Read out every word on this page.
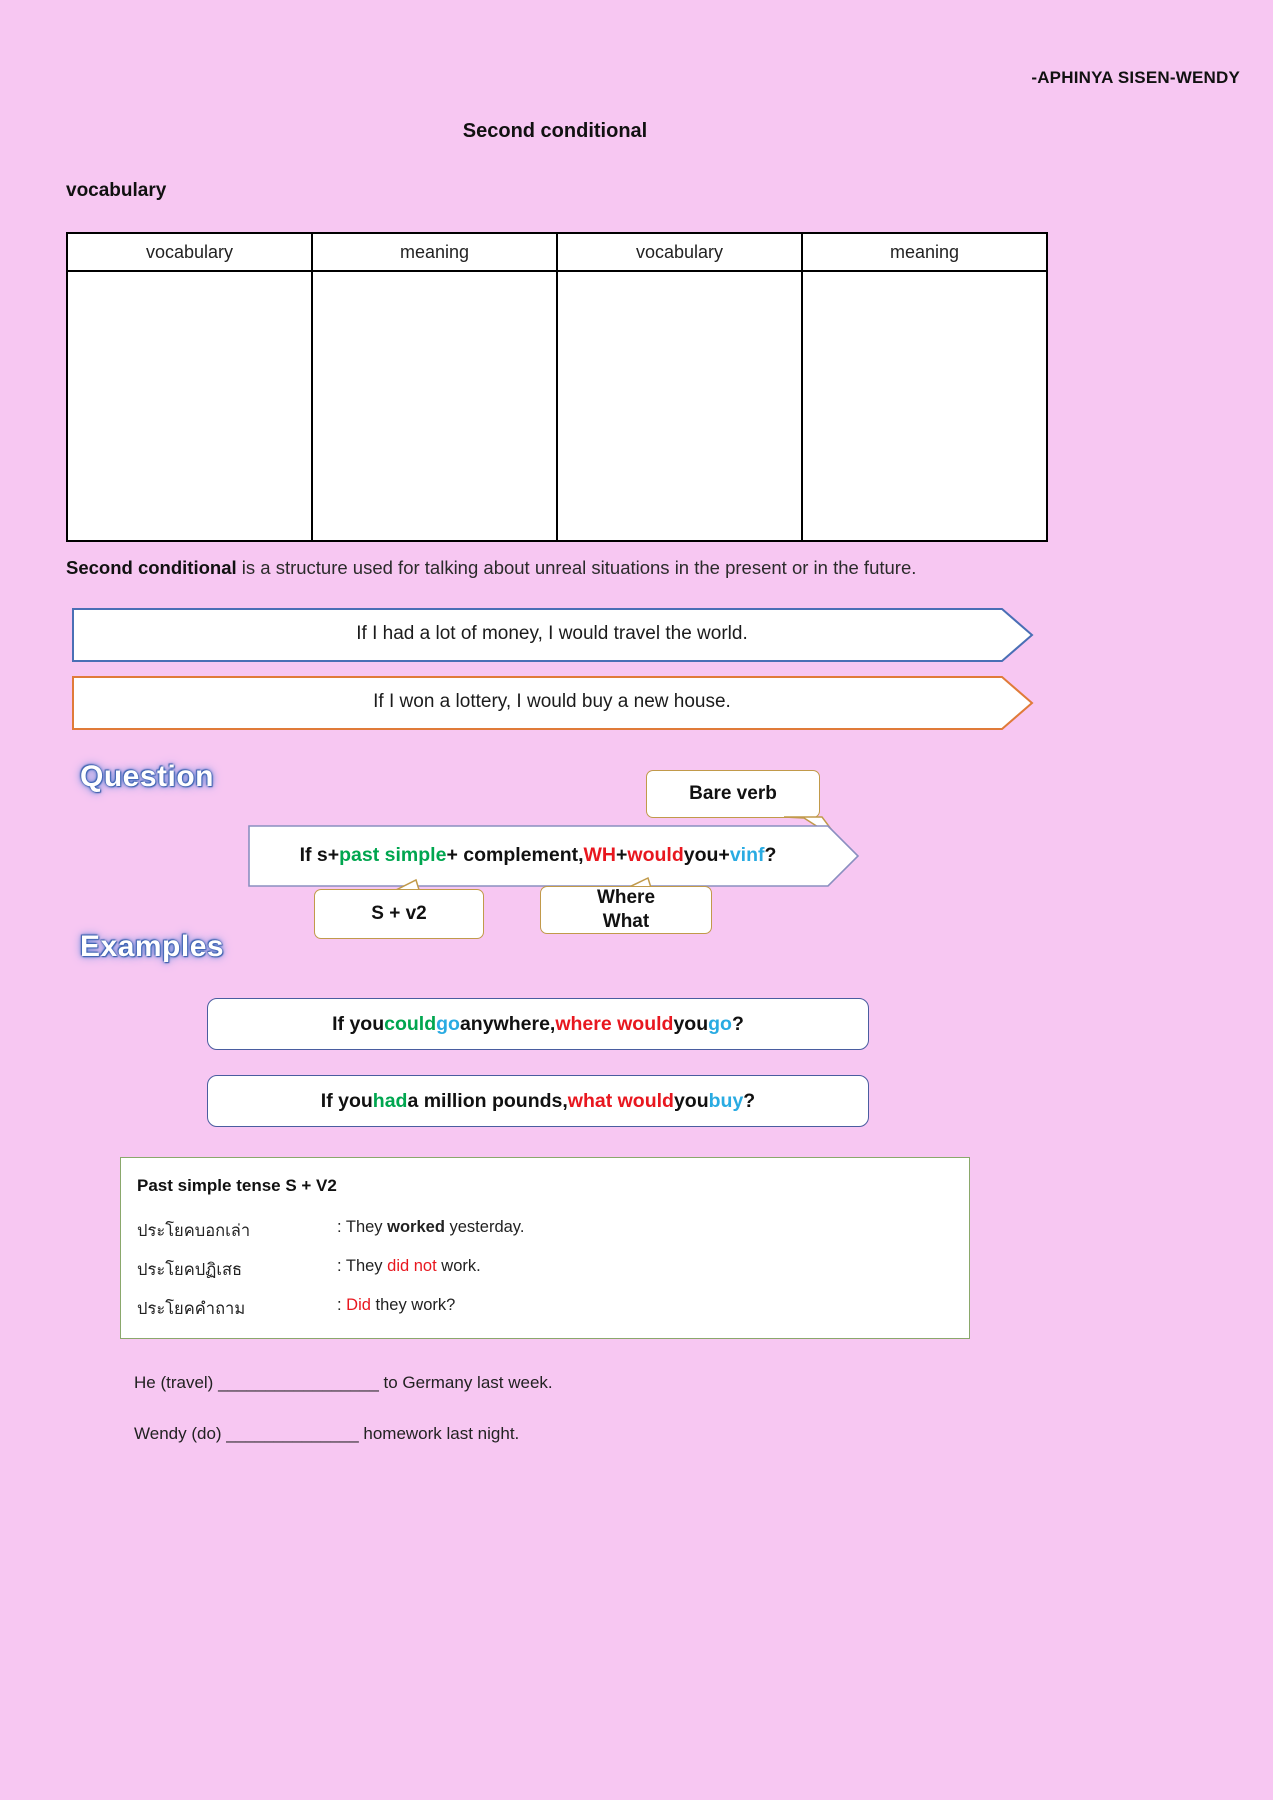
-APHINYA SISEN-WENDY
Second conditional
vocabulary
vocabulary	meaning	vocabulary	meaning

Second conditional is a structure used for talking about unreal situations in the present or in the future.
If I had a lot of money, I would travel the world.
If I won a lottery, I would buy a new house.
Question
Bare verb
If s+ past simple + complement, WH + would you+ vinf ?
S + v2
Where
What
Examples
If you could go anywhere, where would you go ?
If you had a million pounds, what would you buy ?
Past simple tense S + V2
ประโยคบอกเล่า	: They worked yesterday.
ประโยคปฏิเสธ	: They did not work.
ประโยคคำถาม	: Did they work?
He (travel) _________________ to Germany last week.
Wendy (do) ______________ homework last night.
